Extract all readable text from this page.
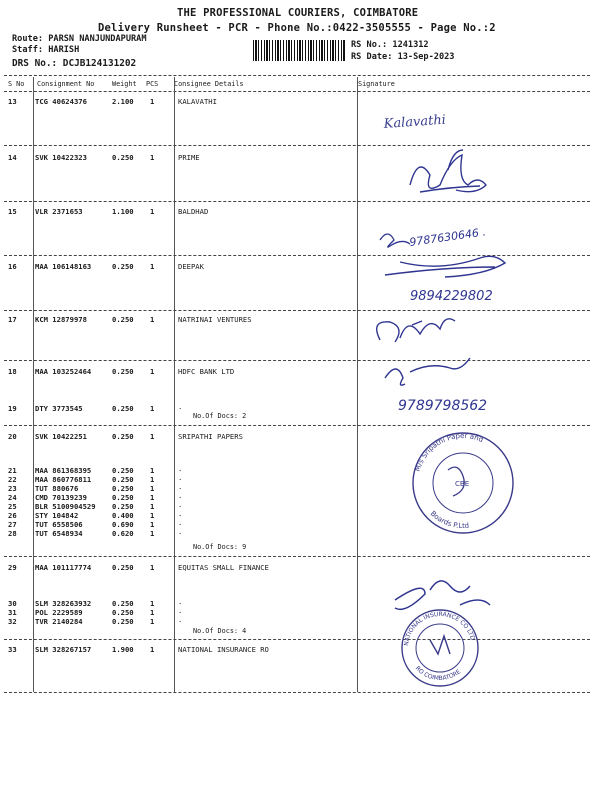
THE PROFESSIONAL COURIERS, COIMBATORE
Delivery Runsheet - PCR - Phone No.:0422-3505555 - Page No.:2
Route: PARSN NANJUNDAPURAM
Staff: HARISH
DRS No.: DCJB124131202
RS No.: 1241312
RS Date: 13-Sep-2023
S No Consignment No	Weight PCS Consignee Details	Signature
13	TCG 40624376	2.100 1	KALAVATHI
14	SVK 10422323	0.250 1	PRIME
15	VLR 2371653	1.100 1	BALDHAD
16	MAA 106148163	0.250 1	DEEPAK
17	KCM 12879978	0.250 1	NATRINAI VENTURES
18	MAA 103252464	0.250 1	HDFC BANK LTD
19	DTY 3773545	0.250 1	.
No.Of Docs: 2
20	SVK 10422251	0.250 1	SRIPATHI PAPERS
21	MAA 861368395	0.250 1	.
22	MAA 860776811	0.250 1	.
23	TUT 880676	0.250 1	.
24	CMD 70139239	0.250 1	.
25	BLR 5100904529 0.250 1	.
26	STY 104842	0.400 1	.
27	TUT 6558506	0.690 1	.
28	TUT 6548934	0.620 1	.
No.Of Docs: 9
29	MAA 101117774	0.250 1	EQUITAS SMALL FINANCE
30	SLM 328263932	0.250 1	.
31	POL 2229589	0.250 1	.
32	TVR 2140284	0.250 1	.
No.Of Docs: 4
33	SLM 328267157	1.900 1	NATIONAL INSURANCE RO
Kalavathi
9787630646 .
9894229802
9789798562
M/s Sripathi Paper and
Boards P.Ltd
CBE
NATIONAL INSURANCE CO LTD
RO COIMBATORE
